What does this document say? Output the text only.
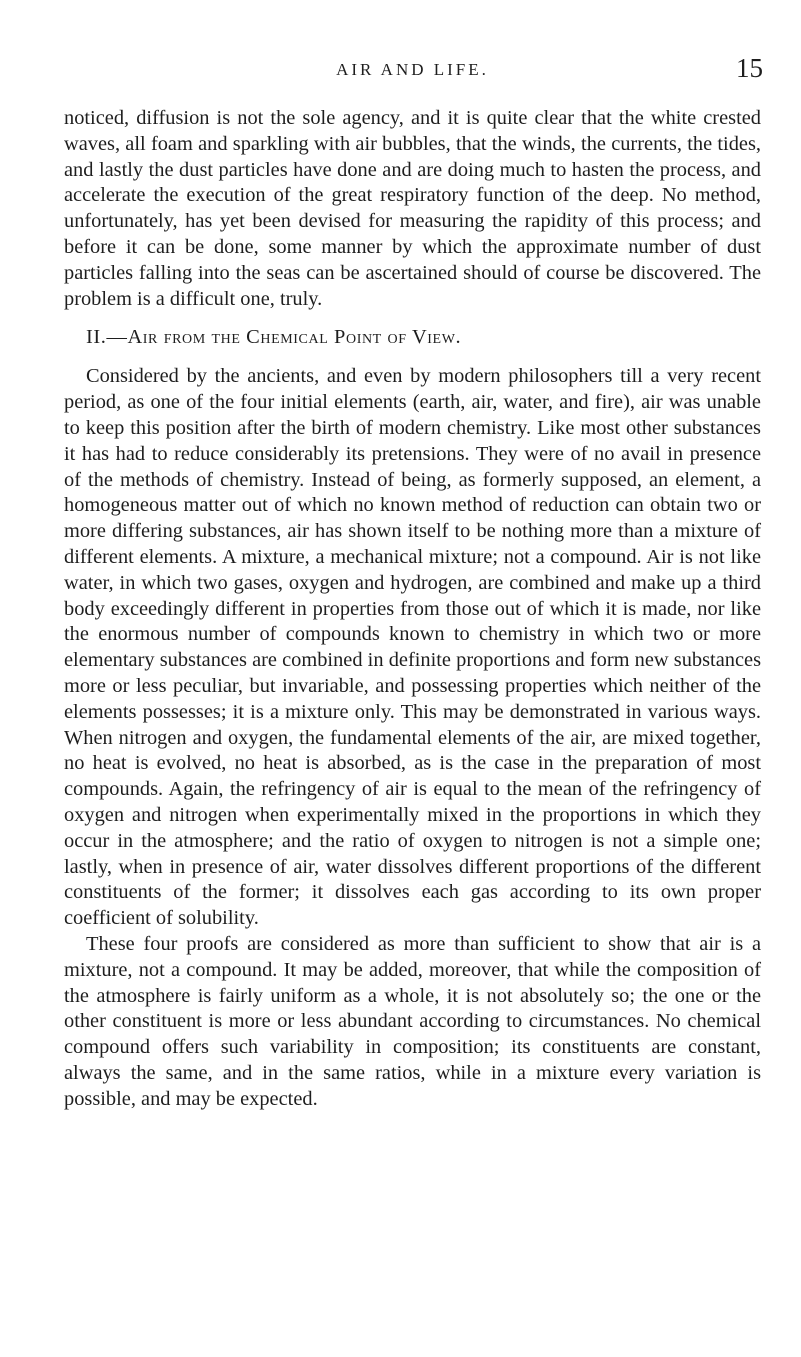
AIR AND LIFE.	15

noticed, diffusion is not the sole agency, and it is quite clear that the white crested waves, all foam and sparkling with air bubbles, that the winds, the currents, the tides, and lastly the dust particles have done and are doing much to hasten the process, and accelerate the execution of the great respiratory function of the deep. No method, unfortunately, has yet been devised for measuring the rapidity of this process; and before it can be done, some manner by which the approximate number of dust particles falling into the seas can be ascertained should of course be discovered. The problem is a difficult one, truly.

II.—Air from the Chemical Point of View.

Considered by the ancients, and even by modern philosophers till a very recent period, as one of the four initial elements (earth, air, water, and fire), air was unable to keep this position after the birth of modern chemistry. Like most other substances it has had to reduce considerably its pretensions. They were of no avail in presence of the methods of chemistry. Instead of being, as formerly supposed, an element, a homogeneous matter out of which no known method of reduction can obtain two or more differing substances, air has shown itself to be nothing more than a mixture of different elements. A mixture, a mechanical mixture; not a compound. Air is not like water, in which two gases, oxygen and hydrogen, are combined and make up a third body exceedingly different in properties from those out of which it is made, nor like the enormous number of compounds known to chemistry in which two or more elementary substances are combined in definite proportions and form new substances more or less peculiar, but invariable, and possessing properties which neither of the elements possesses; it is a mixture only. This may be demonstrated in various ways. When nitrogen and oxygen, the fundamental elements of the air, are mixed together, no heat is evolved, no heat is absorbed, as is the case in the preparation of most compounds. Again, the refringency of air is equal to the mean of the refringency of oxygen and nitrogen when experimentally mixed in the proportions in which they occur in the atmosphere; and the ratio of oxygen to nitrogen is not a simple one; lastly, when in presence of air, water dissolves different proportions of the different constituents of the former; it dissolves each gas according to its own proper coefficient of solubility.

These four proofs are considered as more than sufficient to show that air is a mixture, not a compound. It may be added, moreover, that while the composition of the atmosphere is fairly uniform as a whole, it is not absolutely so; the one or the other constituent is more or less abundant according to circumstances. No chemical compound offers such variability in composition; its constituents are constant, always the same, and in the same ratios, while in a mixture every variation is possible, and may be expected.
